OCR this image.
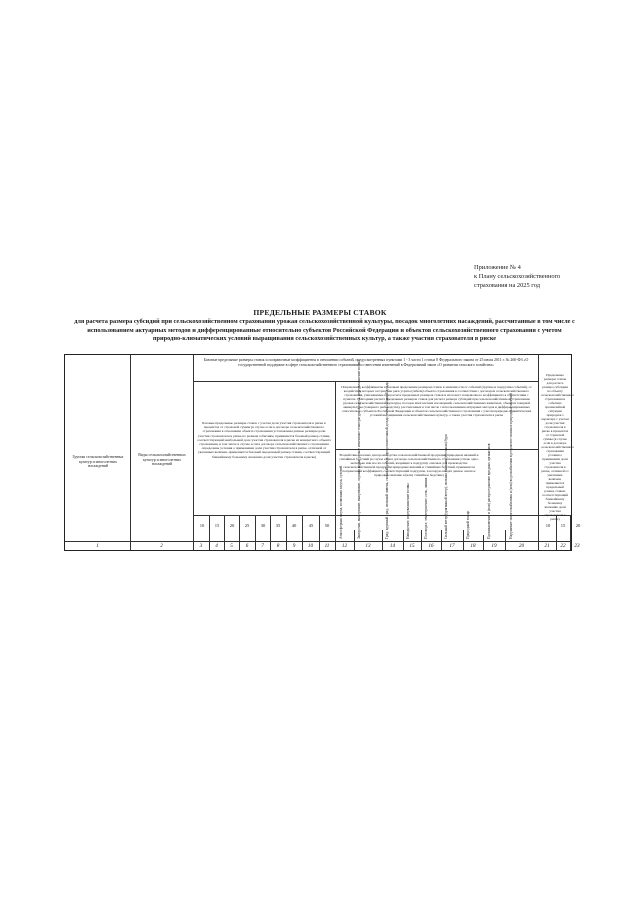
Приложение № 4
к Плану сельскохозяйственного
страхования на 2025 год
ПРЕДЕЛЬНЫЕ РАЗМЕРЫ СТАВОК
для расчета размера субсидий при сельскохозяйственном страховании урожая сельскохозяйственной культуры, посадок многолетних насаждений, рассчитанные в том числе с использованием актуарных методов и дифференцированные относительно субъектов Российской Федерации и объектов сельскохозяйственного страхования с учетом природно-климатических условий выращивания сельскохозяйственных культур, а также участия страхователя в риске
Группы сельскохозяйственных культур и многолетних насаждений
Виды сельскохозяйственных культур и многолетних насаждений
Базовые предельные размеры ставок и поправочные коэффициенты в отношении событий, предусмотренных пунктами 1 - 3 части 1 статьи 8 Федерального закона от 25 июля 2011 г. № 260-ФЗ «О государственной поддержке в сфере сельскохозяйственного страхования и о внесении изменений в Федеральный закон «О развитии сельского хозяйства»
Базовые предельные размеры ставок с учетом доли участия страхователя в риске в процентах от страховой суммы (в случае если в договоре сельскохозяйственного страхования в отношении объекта страхования установлены разные размеры доли участия страхователя в риске по разным событиям, применяется базовый размер ставки, соответствующий наибольшей доле участия страхователя в риске из конкретного объекта страхования, в том числе в случае если в договоре сельскохозяйственного страхования определены условия о применении доли участия страхователя в риске, отличной от указанных величин, применяется базовый предельный размер ставки, соответствующий ближайшему большему значению доли участия страхователя в риске)
Поправочные коэффициенты к базовым предельным размерам ставок в зависимости от событий (группы и подгруппы событий), от воздействия которых застрахован риск утраты (гибели) объекта страхования в соответствии с договором сельскохозяйственного страхования, учитываемые при расчете предельных размеров ставок и итогового поправочного коэффициента в соответствии с пунктом 1 Методики расчета предельных размеров ставок для расчета размера субсидий при сельскохозяйственном страховании урожая сельскохозяйственной культуры, посадок многолетних насаждений, сельскохозяйственных животных, объектов товарной аквакультуры (товарного рыбоводства), рассчитанных в том числе с использованием актуарных методов и дифференцированных относительно субъектов Российской Федерации и объектов сельскохозяйственного страхования с учетом природно-климатических условий выращивания сельскохозяйственных культур, а также участия страхователя в риске
Воздействие опасных для производства сельскохозяйственной продукции природных явлений и стихийных бедствий (в случае если в договоре сельскохозяйственного страхования учтено одно, несколько или все из событий, входящих в подгруппу опасных для производства сельскохозяйственной продукции природных явлений и стихийных бедствий, применяется поправочный коэффициент, соответствующий подгруппе, в которую входит данное опасное природное явление и (или) стихийное бедствие)
Предельные размеры ставок для расчета размера субсидии по объекту сельскохозяйственного страхования и событию чрезвычайной ситуации природного характера с учетом доли участия страхователя в риске в процентах от страховой суммы (в случае если в договоре сельскохозяйственного страхования условия о применении доли участия страхователя в риске, отличной от указанных величин, применяется предельный размер ставки, соответствующий ближайшему большему значению доли участия страхователя в риске)
10	15	20	25	30	35	40	45	50	10	15	20
Атмосферная засуха, почвенная засуха, суховей	Заморозки, вымерзание, выпревание, ледяная корка, резкое изменение температуры воздуха, переувлажнение почвы	Град, крупный град, сильный ливень, сильный дождь, продолжительный дождь, очень сильный дождь	Наводнение, переувлажнение почвы	Половодье, землетрясение, сель, лавина	Сильный ветер (ураганный ветер), сильная пыльная (песчаная) буря	Природный пожар	Проникновение и (или) распространение вредных организмов	Нарушение энергоснабжения и (или) водоснабжения в результате опасных природных явлений
1	2	3	4	5	6	7	8	9	10	11	12	13	14	15	16	17	18	19	20	21	22	23
